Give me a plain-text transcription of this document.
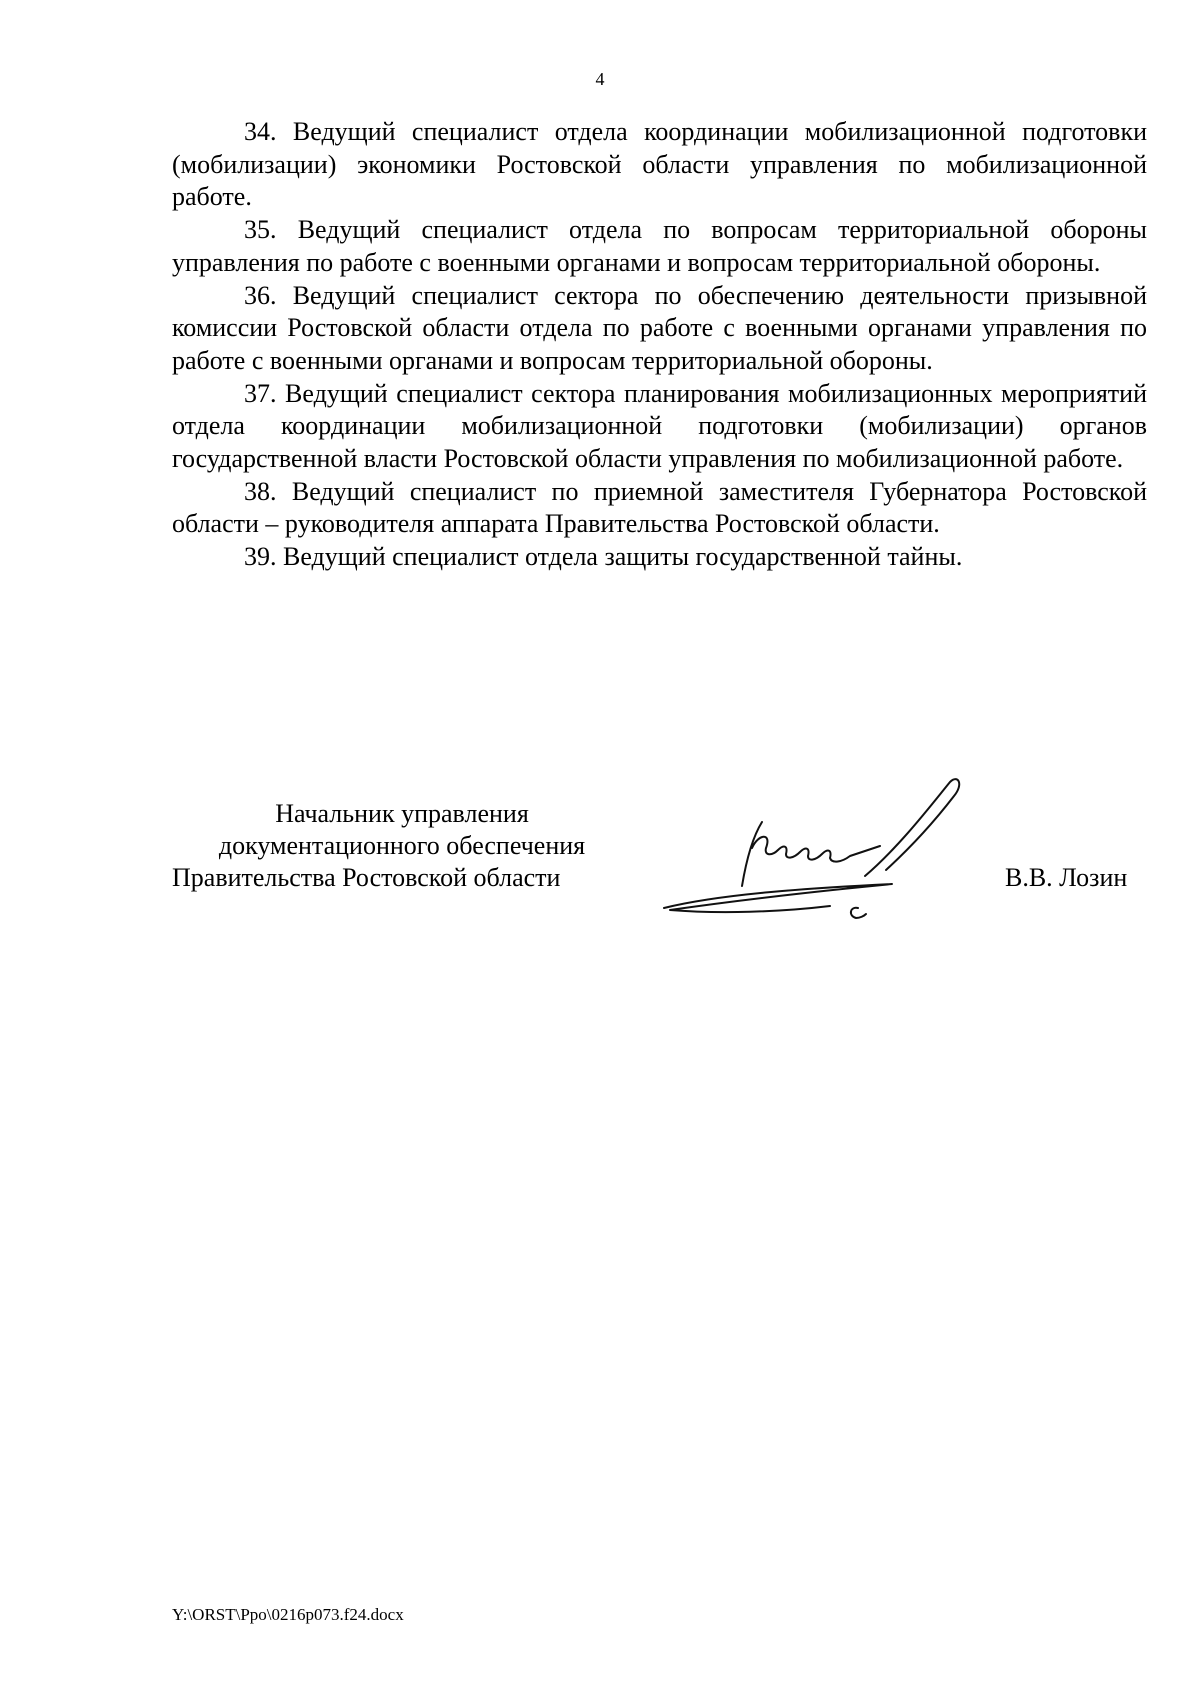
4

34. Ведущий специалист отдела координации мобилизационной подготовки (мобилизации) экономики Ростовской области управления по мобилизационной работе.

35. Ведущий специалист отдела по вопросам территориальной обороны управления по работе с военными органами и вопросам территориальной обороны.

36. Ведущий специалист сектора по обеспечению деятельности призывной комиссии Ростовской области отдела по работе с военными органами управления по работе с военными органами и вопросам территориальной обороны.

37. Ведущий специалист сектора планирования мобилизационных мероприятий отдела координации мобилизационной подготовки (мобилизации) органов государственной власти Ростовской области управления по мобилизационной работе.

38. Ведущий специалист по приемной заместителя Губернатора Ростовской области – руководителя аппарата Правительства Ростовской области.

39. Ведущий специалист отдела защиты государственной тайны.

Начальник управления
документационного обеспечения
Правительства Ростовской области	В.В. Лозин
Y:\ORST\Ppo\0216p073.f24.docx
